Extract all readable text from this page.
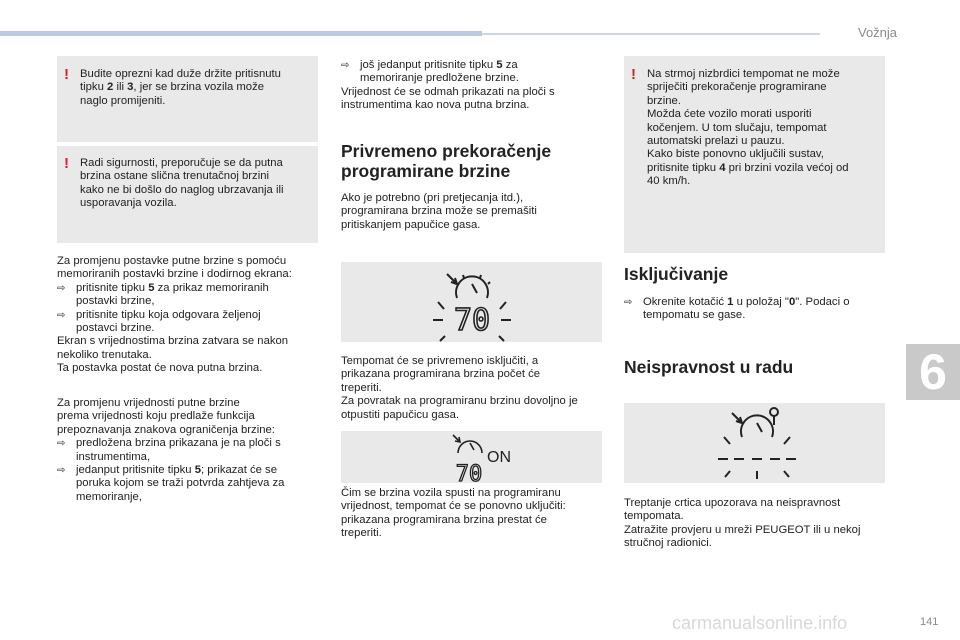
Vožnja
6
! Budite oprezni kad duže držite pritisnutu
tipku 2 ili 3, jer se brzina vozila može
naglo promijeniti.

! Radi sigurnosti, preporučuje se da putna
brzina ostane slična trenutačnoj brzini
kako ne bi došlo do naglog ubrzavanja ili
usporavanja vozila.

Za promjenu postavke putne brzine s pomoću
memoriranih postavki brzine i dodirnog ekrana:

⇨ pritisnite tipku 5 za prikaz memoriranih
postavki brzine,
⇨ pritisnite tipku koja odgovara željenoj
postavci brzine.
Ekran s vrijednostima brzina zatvara se nakon
nekoliko trenutaka.
Ta postavka postat će nova putna brzina.

Za promjenu vrijednosti putne brzine
prema vrijednosti koju predlaže funkcija
prepoznavanja znakova ograničenja brzine:

⇨ predložena brzina prikazana je na ploči s
instrumentima,
⇨ jedanput pritisnite tipku 5; prikazat će se
poruka kojom se traži potvrda zahtjeva za
memoriranje,

⇨ još jedanput pritisnite tipku 5 za
memoriranje predložene brzine.
Vrijednost će se odmah prikazati na ploči s
instrumentima kao nova putna brzina.

Privremeno prekoračenje
programirane brzine

Ako je potrebno (pri pretjecanja itd.),
programirana brzina može se premašiti
pritiskanjem papučice gasa.

70

Tempomat će se privremeno isključiti, a
prikazana programirana brzina počet će
treperiti.
Za povratak na programiranu brzinu dovoljno je
otpustiti papučicu gasa.

70
ON

Čim se brzina vozila spusti na programiranu
vrijednost, tempomat će se ponovno uključiti:
prikazana programirana brzina prestat će
treperiti.

! Na strmoj nizbrdici tempomat ne može
spriječiti prekoračenje programirane
brzine.
Možda ćete vozilo morati usporiti
kočenjem. U tom slučaju, tempomat
automatski prelazi u pauzu.
Kako biste ponovno uključili sustav,
pritisnite tipku 4 pri brzini vozila većoj od
40 km/h.

Isključivanje

⇨ Okrenite kotačić 1 u položaj "0". Podaci o
tempomatu se gase.

Neispravnost u radu

Treptanje crtica upozorava na neispravnost
tempomata.
Zatražite provjeru u mreži PEUGEOT ili u nekoj
stručnoj radionici.

carmanualsonline.info	141
